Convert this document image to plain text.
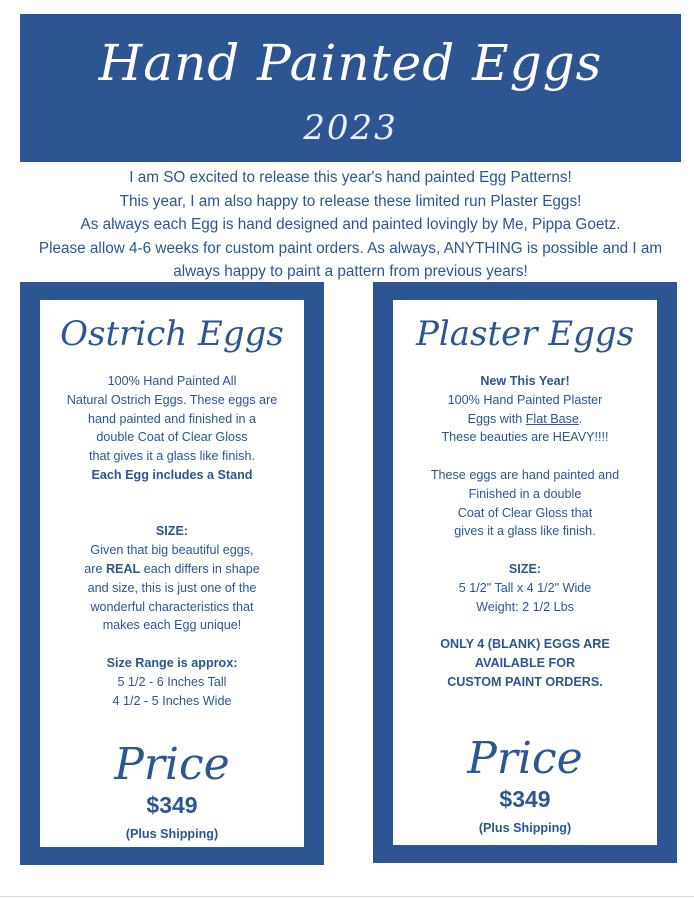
Hand Painted Eggs
2023
I am SO excited to release this year's hand painted Egg Patterns!
This year, I am also happy to release these limited run Plaster Eggs!
As always each Egg is hand designed and painted lovingly by Me, Pippa Goetz.
Please allow 4-6 weeks for custom paint orders. As always, ANYTHING is possible and I am
always happy to paint a pattern from previous years!
Ostrich Eggs
100% Hand Painted All
Natural Ostrich Eggs. These eggs are
hand painted and finished in a
double Coat of Clear Gloss
that gives it a glass like finish.
Each Egg includes a Stand
SIZE:
Given that big beautiful eggs,
are REAL each differs in shape
and size, this is just one of the
wonderful characteristics that
makes each Egg unique!
Size Range is approx:
5 1/2 - 6 Inches Tall
4 1/2 - 5 Inches Wide
Price
$349
(Plus Shipping)
Plaster Eggs
New This Year!
100% Hand Painted Plaster
Eggs with Flat Base.
These beauties are HEAVY!!!!
These eggs are hand painted and
Finished in a double
Coat of Clear Gloss that
gives it a glass like finish.
SIZE:
5 1/2" Tall x 4 1/2" Wide
Weight: 2 1/2 Lbs
ONLY 4 (BLANK) EGGS ARE
AVAILABLE FOR
CUSTOM PAINT ORDERS.
Price
$349
(Plus Shipping)
